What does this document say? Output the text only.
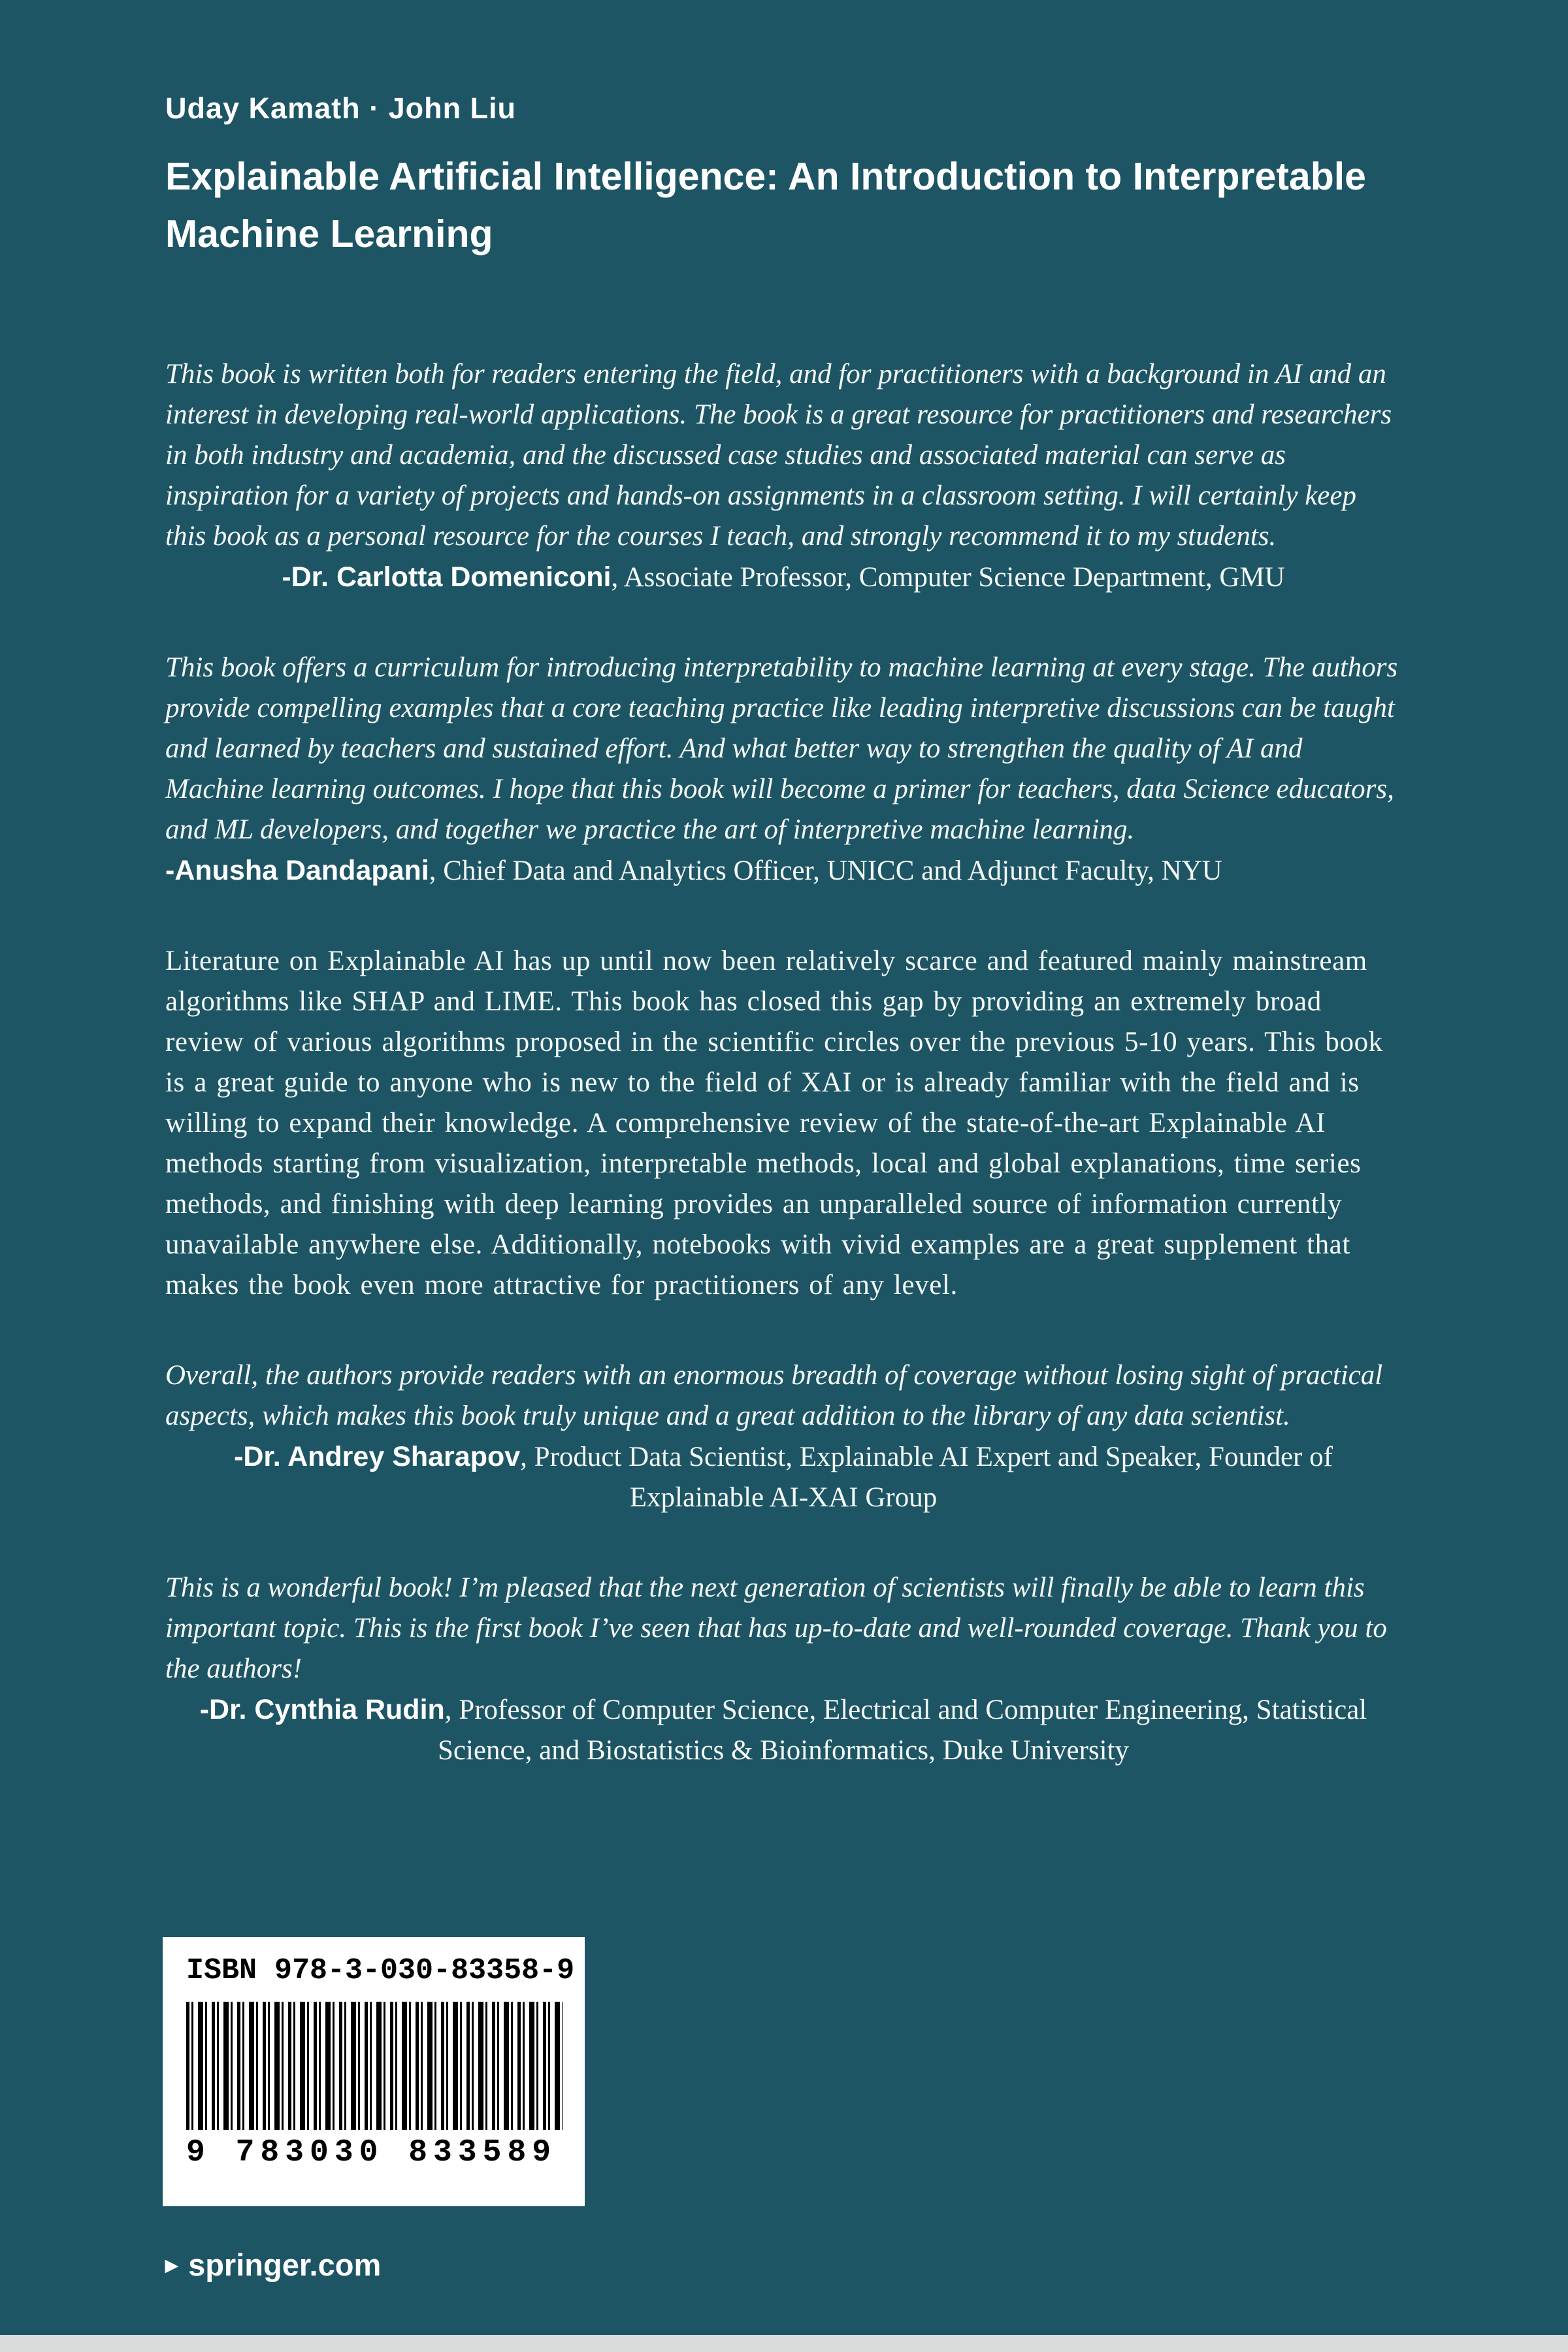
Uday Kamath · John Liu
Explainable Artificial Intelligence: An Introduction to Interpretable Machine Learning

This book is written both for readers entering the field, and for practitioners with a background in AI and an interest in developing real-world applications. The book is a great resource for practitioners and researchers in both industry and academia, and the discussed case studies and associated material can serve as inspiration for a variety of projects and hands-on assignments in a classroom setting. I will certainly keep this book as a personal resource for the courses I teach, and strongly recommend it to my students.

-Dr. Carlotta Domeniconi, Associate Professor, Computer Science Department, GMU

This book offers a curriculum for introducing interpretability to machine learning at every stage. The authors provide compelling examples that a core teaching practice like leading interpretive discussions can be taught and learned by teachers and sustained effort. And what better way to strengthen the quality of AI and Machine learning outcomes. I hope that this book will become a primer for teachers, data Science educators, and ML developers, and together we practice the art of interpretive machine learning.

-Anusha Dandapani, Chief Data and Analytics Officer, UNICC and Adjunct Faculty, NYU

Literature on Explainable AI has up until now been relatively scarce and featured mainly mainstream algorithms like SHAP and LIME. This book has closed this gap by providing an extremely broad review of various algorithms proposed in the scientific circles over the previous 5-10 years. This book is a great guide to anyone who is new to the field of XAI or is already familiar with the field and is willing to expand their knowledge. A comprehensive review of the state-of-the-art Explainable AI methods starting from visualization, interpretable methods, local and global explanations, time series methods, and finishing with deep learning provides an unparalleled source of information currently unavailable anywhere else. Additionally, notebooks with vivid examples are a great supplement that makes the book even more attractive for practitioners of any level.

Overall, the authors provide readers with an enormous breadth of coverage without losing sight of practical aspects, which makes this book truly unique and a great addition to the library of any data scientist.

-Dr. Andrey Sharapov, Product Data Scientist, Explainable AI Expert and Speaker, Founder of Explainable AI-XAI Group

This is a wonderful book! I’m pleased that the next generation of scientists will finally be able to learn this important topic. This is the first book I’ve seen that has up-to-date and well-rounded coverage. Thank you to the authors!

-Dr. Cynthia Rudin, Professor of Computer Science, Electrical and Computer Engineering, Statistical Science, and Biostatistics & Bioinformatics, Duke University

ISBN 978-3-030-83358-9
9 783030 833589
▸ springer.com
